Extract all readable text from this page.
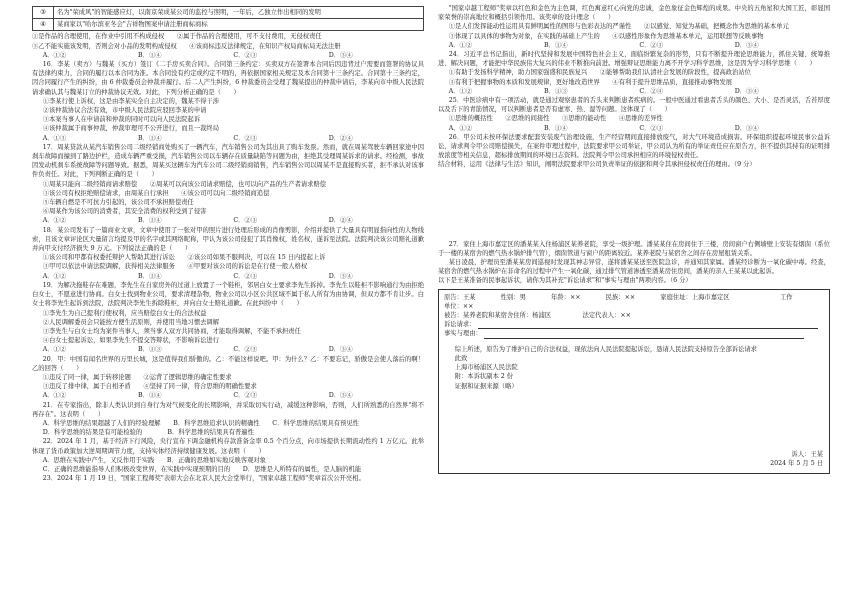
③	名为"荣成风"的智能感应灯，以南京荣成某公司的监控与照明，一年后，乙独立作出相同的发明
④	某商家以"哈尔滨亚冬会"吉祥物图案申请注册商标商标

①是作品的合理使用，在作业中引用不构成侵权　　②属于作品的合理使用，可不支付费用，无侵权责任
③乙不能实施该发明，否则会对小品的发明构成侵权　　④该商标违反法律规定，在知识产权局商标局无法注册

A．①②	B．①④	C．②③	D．③④

16．李某（卖方）与魏某（买方）签订《二手房买卖合同》。合同第三条约定：买卖双方在签署本合同后因违背过户需要而签署的协议具有法律约束力，合同的履行以本合同为准。本合同没有约定或约定不明的，再依据国家相关规定及本合同第十三条约定。合同第十三条约定，因合同履行产生的纠纷，由 6 仲裁委员会仲裁并履行。后二人产生纠纷，6 仲裁委员会受理了魏某提出的仲裁申请后，李某向市中级人民法院请求确认其与魏某订立的仲裁协议无效。对此，下列分析正确的是（　　）

①李某行使上诉权，这是由李某实全自主决定的，魏某不得干涉

②该仲裁协议合法有效，市中级人民法院应驳回李某的申请

③本案当事人在申请前和仲裁的同时可以向人民法院起诉

④该仲裁属于商事仲裁，仲裁审理可不公开进行，而且一裁终局

A．①③	B．①④	C．②③	D．②④

17．周某贷款从某汽车销售公司二级经销商处购买了一辆汽车，汽车销售公司为其出具了购车发票。然而，就在周某驾驶车辆回家途中因刹车故障而撞到了路边护栏，造成车辆严重受损，汽车销售公司以车辆存在质量缺陷等问题为由，拒绝其受理周某诉求的请求。经检测，事故因发动机刹车系统故障等问题导致。据悉，周某买这辆车为汽车公司二级经销商销售，汽车销售公司以周某不是直接购买者，拒不承认对该事件负责任。对此，下列判断正确的是（　　）

①周某只能向二级经销商请求赔偿　　②周某可以向该公司请求赔偿，也可以向产品的生产者请求赔偿
③该公司有权拒绝赔偿请求，由周某自行承担　　④该公司可以向二级经销商追偿
⑤车辆自燃是不可抗力引起的，该公司不承担赔偿责任
⑥周某作为该公司的消费者，其安全消费的权利受到了侵害

A．①②	B．①④	C．②③	D．②④

18．某公司发布了一篇商业文章，文章中使用了一张对甲的照片进行处理后形成的肖像剪影，介绍并提供了大量具有明显指向性的人物线索，且该文章评论区大量留言均提及甲的名字或其网络昵称，甲认为该公司侵犯了其肖像权，姓名权，遂诉至法院。法院判决该公司赔礼道歉并向甲支付经济损失 9 万元。下列说法正确的是（　　）

①该公司和甲都有权委托辩护人帮助其进行诉讼　　②该公司如果不服判决，可以在 15 日内提起上诉
③甲可以依法申请法院调解，获得相关法律服务　　④甲要对该公司的诉讼是在行使一般人格权

A．①②	B．①④	C．②③	D．③④

19．为解决拖鞋存在难题，李先生在自家房外的过道上放置了一个鞋柜，邻居白女士要求李先生拆掉。李先生以鞋柜不影响通行为由拒绝白女士，不愿意进行协商。白女士找到物业公司，要求清理杂物，物业公司以小区公共区域不属于私人所有为由协调，但双方都不肯让步。白女士将李先生起诉到法院，法院判决李先生拆除鞋柜，并向白女士赔礼道歉。在此纠纷中（　　）

①李先生为自己提利行使权利，应当赔偿白女士的合法权益

②人民调解委员会只能按方便生活原则，并使用当地习惯去调解

③李先生与白女士均为案件当事人，须当事人双方共同协商，才能取得调解，不能不承担责任

④白女士提起诉讼，如果李先生不提交答辩状，不影响诉讼进行

A．①②	B．①③	C．②③	D．③④

20．甲：中国有闻名世界的万里长城，这是值得我们骄傲的。乙：不能这样说吧。甲：为什么？乙：不要忘记，骄傲是会使人落后的啊！乙的回答（　　）

①违反了同一律，属于转移论题　　②运背了逻辑思维的确定性要求
③违反了排中律，属于自相矛盾　　④坚持了同一律，符合思维的明确性要求

A．①②	B．①④	C．②③	D．③④

21．在专家指出，除非人类认识到自身行为对气候变化的长期影响，并采取切实行动，减缓这种影响，否则，人们所熟悉的自然界"将不再存在"。这表明（　　）

A．科学思维的结果超越了人们的经验理解　　B．科学思维追求认识的精确性　　C．科学思维的结果具有预见性

D．科学思维的结果是有可能检验的　　　　B．科学思维的结果具有普遍性

22．2024 年 1 月，基于经济下行风险，央行宣布下调金融机构存款准备金率 0.5 个百分点，向市场提供长期流动性约 1 万亿元。此举体现了货币政策加大逆周期调节力度，支持实体经济持续健康发展。这表明（　　）

A．思维在实践中产生，又反作用于实践　　B．正确的思维如实地反映客观对象
C．正确的思维能指导人们积极改变世界，在实践中实现预期的目的　　D．思维是人所特有的属性，是人脑的机能

23．2024 年 1 月 19 日，"国家工程师奖"表彰大会在北京人民大会堂举行，"国家卓越工程师"奖章首次公开亮相。

"国家卓越工程师"奖章以红色和金色为主色调，红色寓意红心向党的忠诚，金色象征金色辉煌的成果。中央的五角星和大国工匠，彰显国家荣誉的崇高地位和概括引领作用。该奖章的设计理念（　　）

①是人们发挥能动性运用具有鲜明属性的图形与色彩表达的严谨性　　②以感觉、知觉为基础，把概念作为思维的基本单元
③体现了以具体的事物为对象，在实践的基础上产生的　　④以感性形象作为思维基本单元，运用联想等反映事物

A．①②	B．①④	C．②③	D．③④

24．习近平总书记指出，新时代坚持和发展中国特色社会主义，面临纷繁复杂的形势，只有不断提升理论思维能力，抓住关键、统筹推进、解决问题，才能把中华民族伟大复兴的伟业不断推向前进。增强辩证思维能力离不开学习科学思维，这是因为学习科学思维（　　）

①有助于发扬科学精神，助力国家强盛和民族复兴　　②能够帮助我们认清社会发展的阶段性，提高政治站位
③有利于把握事物的本质和发展规律，更好地改造世界　　④有利于提升思维品质，直接推动事物发展

A．①②	B．①③	C．②④	D．③④

25．中医诊病中有一项活动，就是通过观察患者的舌头来判断患者疾病的。一般中医通过看患者舌头的颜色、大小、是否灵活，舌苔厚度以及舌下的青筋情况，可以判断患者是否有虚寒、热、湿等问题。这体现了（　　）

①思维的概括性　　②思维的间接性　　③思维的能动性　　④思维的差异性

A．①②	B．①④	C．②③	D．③④

26．甲公司未按环保法要求配套安装废气治理设施，生产经营期间直接排放废气，对大气环境造成损害。环保组织提起环境民事公益诉讼，请求判令甲公司赔偿损失，在案件审理过程中，法院要求甲公司举证，甲公司认为所有的举证责任应在原告方，拒不提供其持有的证明排放浓度等相关信息，超标排放期间的环境日志资料。法院判令甲公司承担相应的环境侵权责任。

结合材料，运用《法律与生活》知识，阐明法院要求甲公司负责举证的依据和判令其承担侵权责任的理由。（9 分）

27．家住上海市嘉定区的潘某某入住杨浦区某养老院，享受一级护理。潘某某住在房间住于三楼，房间窗户右侧墙壁上安装有烟囱（系位于一楼的某宿舍的燃气热水锅炉排气管），烟囱管道与窗户的距离较近。某养老院与某宿舍之间存在房屋租赁关系。

某日凌晨，护理员至潘某某房间巡视时发现其神志异常，遂将潘某某送至医院急诊，并通知其家属。潘某经诊断为一氧化碳中毒。经查，某宿舍的燃气热水锅炉在非命名的过程中产生一氧化碳，通过排气管道渗透至潘某房住房间，潘某的亲人王某某以此起诉。

以下是王某准备的民事起诉状，请你为其补充"诉讼请求"和"事实与理由"两项内容。（6 分）

原告：王某　　　　性别：男　　　　年龄：××　　　　民族：××　　　　家庭住址：上海市嘉定区　　　　　　　　工作
单位：××
被告：某养老院和某宿舍住所：杨浦区　　　　　法定代表人：××
诉讼请求：
事实与理由：

综上所述，原告为了维护自己的合法权益，现依法向人民法院提起诉讼，恳请人民法院支持原告全部诉讼请求

此致

上海市杨浦区人民法院

附：本诉状副本 2 份

证据和证据来源（略）

诉人：王某
2024 年 5 月 5 日
